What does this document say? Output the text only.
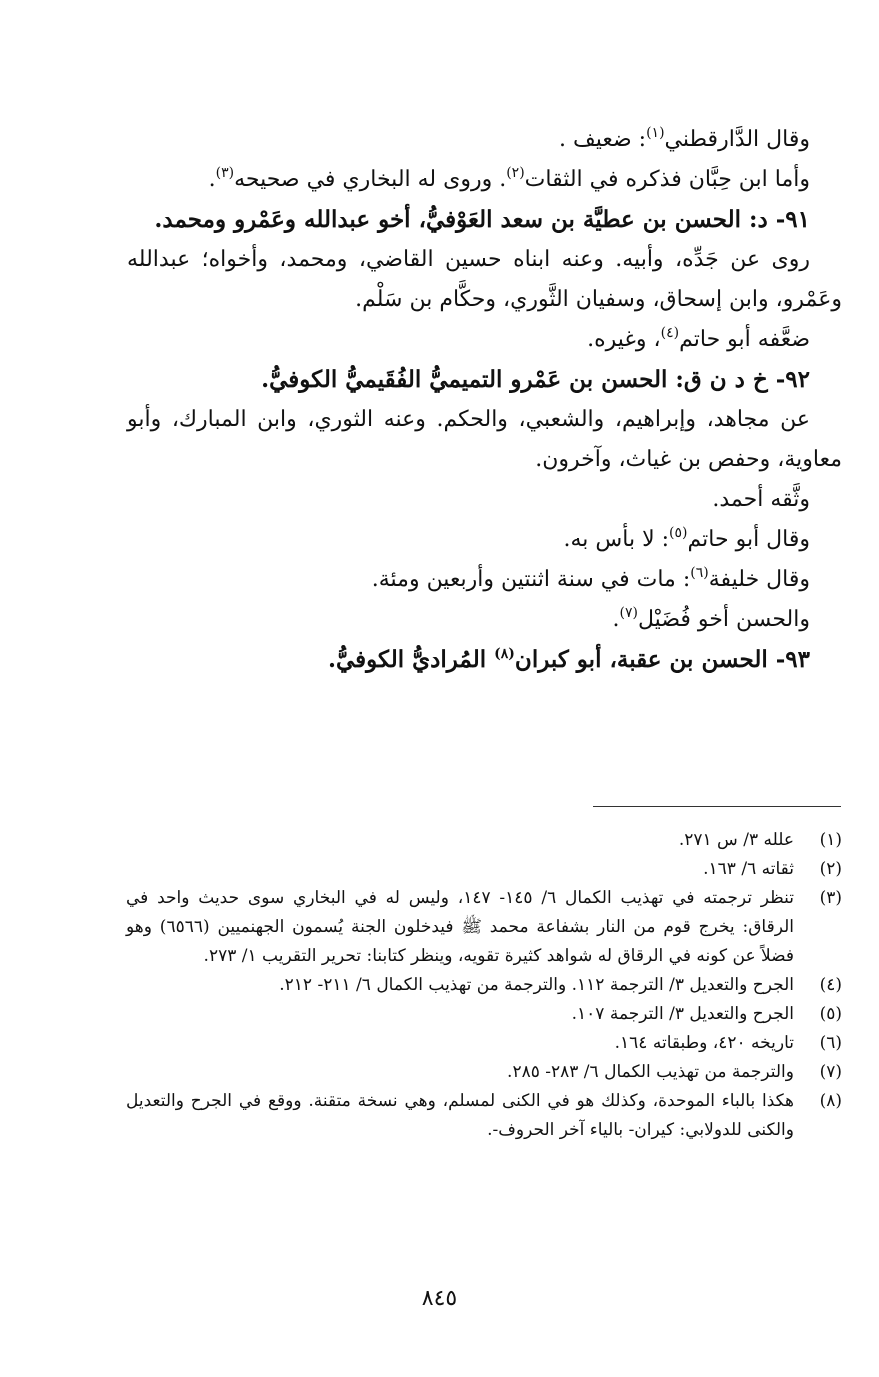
وقال الدَّارقطني$^{(١)}$: ضعيف .

وأما ابن حِبَّان فذكره في الثقات$^{(٢)}$. وروى له البخاري في صحيحه$^{(٣)}$.

٩١- د: الحسن بن عطيَّة بن سعد العَوْفيُّ، أخو عبدالله وعَمْرو ومحمد.

روى عن جَدِّه، وأبيه. وعنه ابناه حسين القاضي، ومحمد، وأخواه؛ عبدالله وعَمْرو، وابن إسحاق، وسفيان الثَّوري، وحكَّام بن سَلْم.

ضعَّفه أبو حاتم$^{(٤)}$، وغيره.

٩٢- خ د ن ق: الحسن بن عَمْرو التميميُّ الفُقَيميُّ الكوفيُّ.

عن مجاهد، وإبراهيم، والشعبي، والحكم. وعنه الثوري، وابن المبارك، وأبو معاوية، وحفص بن غياث، وآخرون.

وثَّقه أحمد.

وقال أبو حاتم$^{(٥)}$: لا بأس به.

وقال خليفة$^{(٦)}$: مات في سنة اثنتين وأربعين ومئة.

والحسن أخو فُضَيْل$^{(٧)}$.

٩٣- الحسن بن عقبة، أبو كبران$^{(٨)}$ المُراديُّ الكوفيُّ.

(١)
علله ٣/ س ٢٧١.
(٢)
ثقاته ٦/ ١٦٣.
(٣)
تنظر ترجمته في تهذيب الكمال ٦/ ١٤٥- ١٤٧، وليس له في البخاري سوى حديث واحد في الرقاق: يخرج قوم من النار بشفاعة محمد ﷺ فيدخلون الجنة يُسمون الجهنميين (٦٥٦٦) وهو فضلاً عن كونه في الرقاق له شواهد كثيرة تقويه، وينظر كتابنا: تحرير التقريب ١/ ٢٧٣.
(٤)
الجرح والتعديل ٣/ الترجمة ١١٢. والترجمة من تهذيب الكمال ٦/ ٢١١- ٢١٢.
(٥)
الجرح والتعديل ٣/ الترجمة ١٠٧.
(٦)
تاريخه ٤٢٠، وطبقاته ١٦٤.
(٧)
والترجمة من تهذيب الكمال ٦/ ٢٨٣- ٢٨٥.
(٨)
هكذا بالباء الموحدة، وكذلك هو في الكنى لمسلم، وهي نسخة متقنة. ووقع في الجرح والتعديل والكنى للدولابي: كيران- بالياء آخر الحروف-.
٨٤٥
